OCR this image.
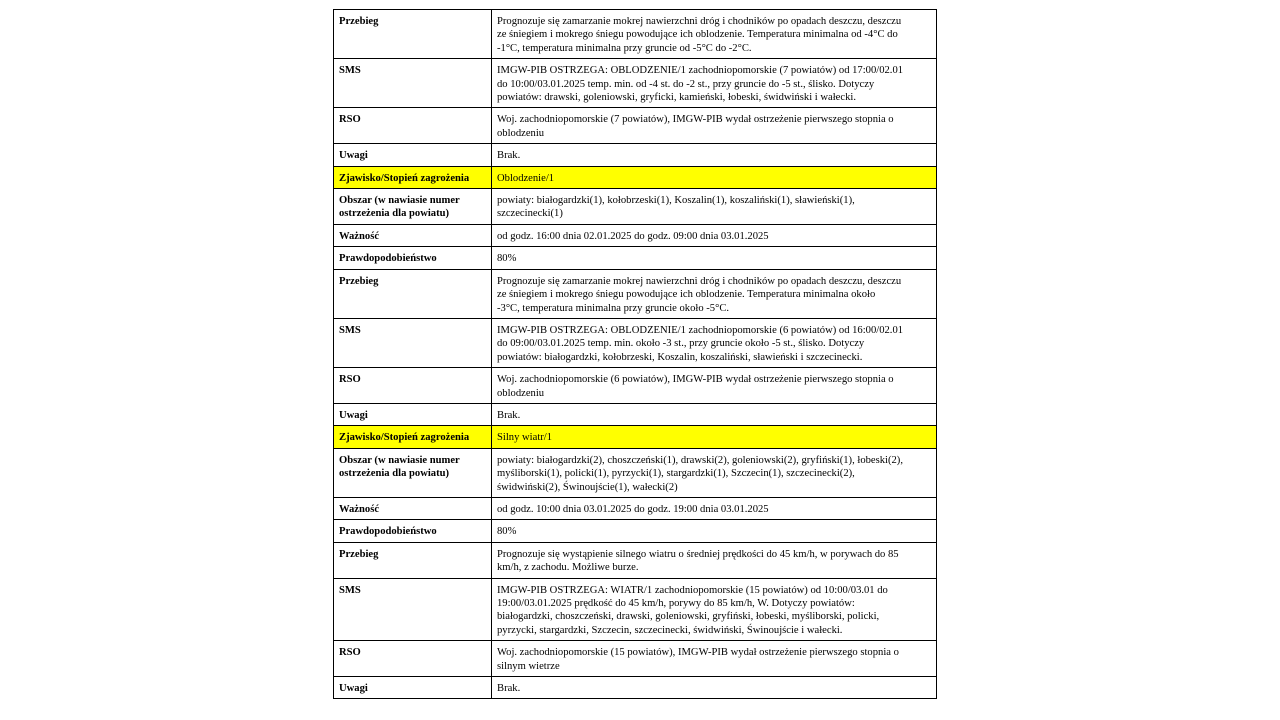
Przebieg	Prognozuje się zamarzanie mokrej nawierzchni dróg i chodników po opadach deszczu, deszczu
ze śniegiem i mokrego śniegu powodujące ich oblodzenie. Temperatura minimalna od -4°C do
-1°C, temperatura minimalna przy gruncie od -5°C do -2°C.

SMS	IMGW-PIB OSTRZEGA: OBLODZENIE/1 zachodniopomorskie (7 powiatów) od 17:00/02.01
do 10:00/03.01.2025 temp. min. od -4 st. do -2 st., przy gruncie do -5 st., ślisko. Dotyczy
powiatów: drawski, goleniowski, gryficki, kamieński, łobeski, świdwiński i wałecki.

RSO	Woj. zachodniopomorskie (7 powiatów), IMGW-PIB wydał ostrzeżenie pierwszego stopnia o
oblodzeniu

Uwagi	Brak.

Zjawisko/Stopień zagrożenia	Oblodzenie/1

Obszar (w nawiasie numer
ostrzeżenia dla powiatu)	powiaty: białogardzki(1), kołobrzeski(1), Koszalin(1), koszaliński(1), sławieński(1),
szczecinecki(1)

Ważność	od godz. 16:00 dnia 02.01.2025 do godz. 09:00 dnia 03.01.2025

Prawdopodobieństwo	80%

Przebieg	Prognozuje się zamarzanie mokrej nawierzchni dróg i chodników po opadach deszczu, deszczu
ze śniegiem i mokrego śniegu powodujące ich oblodzenie. Temperatura minimalna około
-3°C, temperatura minimalna przy gruncie około -5°C.

SMS	IMGW-PIB OSTRZEGA: OBLODZENIE/1 zachodniopomorskie (6 powiatów) od 16:00/02.01
do 09:00/03.01.2025 temp. min. około -3 st., przy gruncie około -5 st., ślisko. Dotyczy
powiatów: białogardzki, kołobrzeski, Koszalin, koszaliński, sławieński i szczecinecki.

RSO	Woj. zachodniopomorskie (6 powiatów), IMGW-PIB wydał ostrzeżenie pierwszego stopnia o
oblodzeniu

Uwagi	Brak.

Zjawisko/Stopień zagrożenia	Silny wiatr/1

Obszar (w nawiasie numer
ostrzeżenia dla powiatu)	powiaty: białogardzki(2), choszczeński(1), drawski(2), goleniowski(2), gryfiński(1), łobeski(2),
myśliborski(1), policki(1), pyrzycki(1), stargardzki(1), Szczecin(1), szczecinecki(2),
świdwiński(2), Świnoujście(1), wałecki(2)

Ważność	od godz. 10:00 dnia 03.01.2025 do godz. 19:00 dnia 03.01.2025

Prawdopodobieństwo	80%

Przebieg	Prognozuje się wystąpienie silnego wiatru o średniej prędkości do 45 km/h, w porywach do 85
km/h, z zachodu. Możliwe burze.

SMS	IMGW-PIB OSTRZEGA: WIATR/1 zachodniopomorskie (15 powiatów) od 10:00/03.01 do
19:00/03.01.2025 prędkość do 45 km/h, porywy do 85 km/h, W. Dotyczy powiatów:
białogardzki, choszczeński, drawski, goleniowski, gryfiński, łobeski, myśliborski, policki,
pyrzycki, stargardzki, Szczecin, szczecinecki, świdwiński, Świnoujście i wałecki.

RSO	Woj. zachodniopomorskie (15 powiatów), IMGW-PIB wydał ostrzeżenie pierwszego stopnia o
silnym wietrze

Uwagi	Brak.
